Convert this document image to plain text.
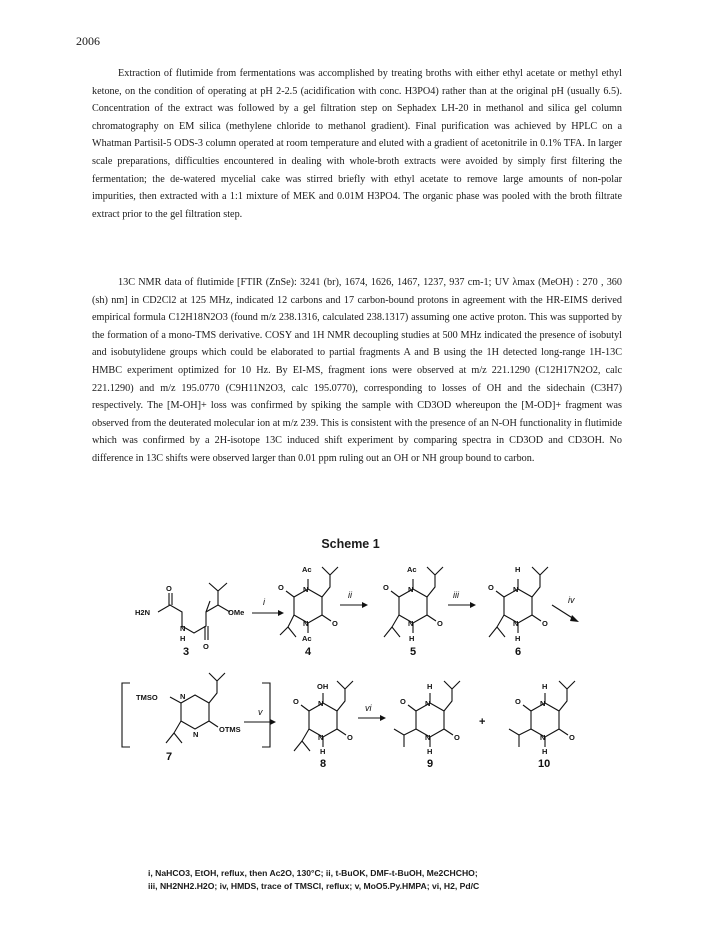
2006

Extraction of flutimide from fermentations was accomplished by treating broths with either ethyl acetate or methyl ethyl ketone, on the condition of operating at pH 2-2.5 (acidification with conc. H3PO4) rather than at the original pH (usually 6.5). Concentration of the extract was followed by a gel filtration step on Sephadex LH-20 in methanol and silica gel column chromatography on EM silica (methylene chloride to methanol gradient). Final purification was achieved by HPLC on a Whatman Partisil-5 ODS-3 column operated at room temperature and eluted with a gradient of acetonitrile in 0.1% TFA. In larger scale preparations, difficulties encountered in dealing with whole-broth extracts were avoided by simply first filtering the fermentation; the de-watered mycelial cake was stirred briefly with ethyl acetate to remove large amounts of non-polar impurities, then extracted with a 1:1 mixture of MEK and 0.01M H3PO4. The organic phase was pooled with the broth filtrate extract prior to the gel filtration step.

13C NMR data of flutimide [FTIR (ZnSe): 3241 (br), 1674, 1626, 1467, 1237, 937 cm-1; UV λmax (MeOH) : 270 , 360 (sh) nm] in CD2Cl2 at 125 MHz, indicated 12 carbons and 17 carbon-bound protons in agreement with the HR-EIMS derived empirical formula C12H18N2O3 (found m/z 238.1316, calculated 238.1317) assuming one active proton. This was supported by the formation of a mono-TMS derivative. COSY and 1H NMR decoupling studies at 500 MHz indicated the presence of isobutyl and isobutylidene groups which could be elaborated to partial fragments A and B using the 1H detected long-range 1H-13C HMBC experiment optimized for 10 Hz. By EI-MS, fragment ions were observed at m/z 221.1290 (C12H17N2O2, calc 221.1290) and m/z 195.0770 (C9H11N2O3, calc 195.0770), corresponding to losses of OH and the sidechain (C3H7) respectively. The [M-OH]+ loss was confirmed by spiking the sample with CD3OD whereupon the [M-OD]+ fragment was observed from the deuterated molecular ion at m/z 239. This is consistent with the presence of an N-OH functionality in flutimide which was confirmed by a 2H-isotope 13C induced shift experiment by comparing spectra in CD3OD and CD3OH. No difference in 13C shifts were observed larger than 0.01 ppm ruling out an OH or NH group bound to carbon.

Scheme 1
H2N
O
N
H
O
OMe
3
i
Ac
N
O
N	O
Ac
4
ii
Ac
N
O
N	O
H
5
iii
H
N
O
N	O
H
6
iv
TMSO	N
N
OTMS
7
v
OH
N
O
N	O
H
8
vi
H
N
O
N	O
H
9
+
H
N
O
N	O
H
10
i, NaHCO3, EtOH, reflux, then Ac2O, 130°C; ii, t-BuOK, DMF-t-BuOH, Me2CHCHO;
iii, NH2NH2.H2O; iv, HMDS, trace of TMSCl, reflux; v, MoO5.Py.HMPA; vi, H2, Pd/C
